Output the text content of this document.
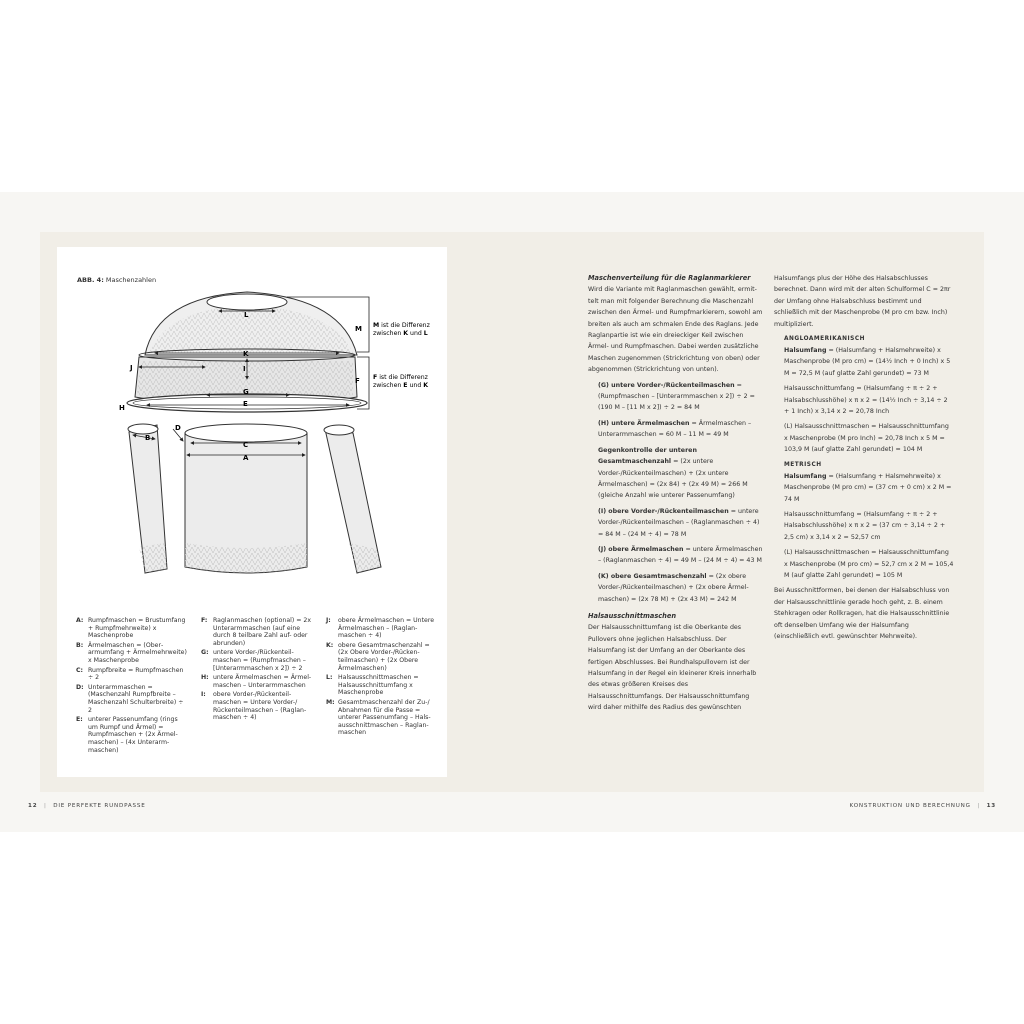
ABB. 4: Maschenzahlen
L
K
I
J
G
E
H
B
D
C
A
M
F
M ist die Differenz zwischen K und L
F ist die Differenz zwischen E und K
A: Rumpfmaschen = Brustumfang + Rumpfmehrweite) x Maschenprobe
B: Ärmelmaschen = (Oberarmumfang + Ärmelmehrweite) x Maschenprobe
C: Rumpfbreite = Rumpfmaschen ÷ 2
D: Unterarmmaschen = (Maschenzahl Rumpfbreite – Maschenzahl Schulterbreite) ÷ 2
E: unterer Passenumfang (rings um Rumpf und Ärmel) = Rumpfmaschen + (2x Ärmelmaschen) – (4x Unterarmmaschen)
F: Raglanmaschen (optional) = 2x Unterarmmaschen (auf eine durch 8 teilbare Zahl auf- oder abrunden)
G: untere Vorder-/Rückenteilmaschen = (Rumpfmaschen – [Unterarmmaschen x 2]) ÷ 2
H: untere Ärmelmaschen = Ärmelmaschen – Unterarmmaschen
I:	obere Vorder-/Rückenteilmaschen = Untere Vorder-/ Rückenteilmaschen – (Raglanmaschen ÷ 4)
J:	obere Ärmelmaschen = Untere Ärmelmaschen – (Raglanmaschen ÷ 4)
K: obere Gesamtmaschenzahl = (2x Obere Vorder-/Rückenteilmaschen) + (2x Obere Ärmelmaschen)
L: Halsausschnittmaschen = Halsausschnittumfang x Maschenprobe
M: Gesamtmaschenzahl der Zu-/ Abnahmen für die Passe = unterer Passenumfang – Halsausschnittmaschen – Raglanmaschen
Maschenverteilung für die Raglanmarkierer

Wird die Variante mit Raglanmaschen gewählt, ermittelt man mit folgender Berechnung die Maschenzahl zwischen den Ärmel- und Rumpfmarkierern, sowohl am breiten als auch am schmalen Ende des Raglans. Jede Raglanpartie ist wie ein dreieckiger Keil zwischen Ärmel- und Rumpfmaschen. Dabei werden zusätzliche Maschen zugenommen (Strickrichtung von oben) oder abgenommen (Strickrichtung von unten).

(G) untere Vorder-/Rückenteilmaschen = (Rumpfmaschen – [Unterarmmaschen x 2]) ÷ 2 = (190 M – [11 M x 2]) ÷ 2 = 84 M

(H) untere Ärmelmaschen = Ärmelmaschen – Unterarmmaschen = 60 M – 11 M = 49 M

Gegenkontrolle der unteren Gesamtmaschenzahl = (2x untere Vorder-/Rückenteilmaschen) + (2x untere Ärmelmaschen) = (2x 84) + (2x 49 M) = 266 M (gleiche Anzahl wie unterer Passenumfang)

(I) obere Vorder-/Rückenteilmaschen = untere Vorder-/Rückenteilmaschen – (Raglanmaschen ÷ 4) = 84 M – (24 M ÷ 4) = 78 M

(J) obere Ärmelmaschen = untere Ärmelmaschen – (Raglanmaschen ÷ 4) = 49 M – (24 M ÷ 4) = 43 M

(K) obere Gesamtmaschenzahl = (2x obere Vorder-/Rückenteilmaschen) + (2x obere Ärmelmaschen) = (2x 78 M) + (2x 43 M) = 242 M

Halsausschnittmaschen

Der Halsausschnittumfang ist die Oberkante des Pullovers ohne jeglichen Halsabschluss. Der Halsumfang ist der Umfang an der Oberkante des fertigen Abschlusses. Bei Rundhalspullovern ist der Halsumfang in der Regel ein kleinerer Kreis innerhalb des etwas größeren Kreises des Halsausschnittumfangs. Der Halsausschnittumfang wird daher mithilfe des Radius des gewünschten

Halsumfangs plus der Höhe des Halsabschlusses berechnet. Dann wird mit der alten Schulformel C = 2πr der Umfang ohne Halsabschluss bestimmt und schließlich mit der Maschenprobe (M pro cm bzw. Inch) multipliziert.

ANGLOAMERIKANISCH

Halsumfang = (Halsumfang + Halsmehrweite) x Maschenprobe (M pro cm) = (14½ Inch + 0 Inch) x 5 M = 72,5 M (auf glatte Zahl gerundet) = 73 M

Halsausschnittumfang = (Halsumfang ÷ π ÷ 2 + Halsabschlusshöhe) x π x 2 = (14½ Inch ÷ 3,14 ÷ 2 + 1 Inch) x 3,14 x 2 = 20,78 Inch

(L) Halsausschnittmaschen = Halsausschnittumfang x Maschenprobe (M pro Inch) = 20,78 Inch x 5 M = 103,9 M (auf glatte Zahl gerundet) = 104 M

METRISCH

Halsumfang = (Halsumfang + Halsmehrweite) x Maschenprobe (M pro cm) = (37 cm + 0 cm) x 2 M = 74 M

Halsausschnittumfang = (Halsumfang ÷ π ÷ 2 + Halsabschlusshöhe) x π x 2 = (37 cm ÷ 3,14 ÷ 2 + 2,5 cm) x 3,14 x 2 = 52,57 cm

(L) Halsausschnittmaschen = Halsausschnittumfang x Maschenprobe (M pro cm) = 52,7 cm x 2 M = 105,4 M (auf glatte Zahl gerundet) = 105 M

Bei Ausschnittformen, bei denen der Halsabschluss von der Halsausschnittlinie gerade hoch geht, z. B. einem Stehkragen oder Rollkragen, hat die Halsausschnittlinie oft denselben Umfang wie der Halsumfang (einschließlich evtl. gewünschter Mehrweite).

12 | DIE PERFEKTE RUNDPASSE	KONSTRUKTION UND BERECHNUNG | 13
